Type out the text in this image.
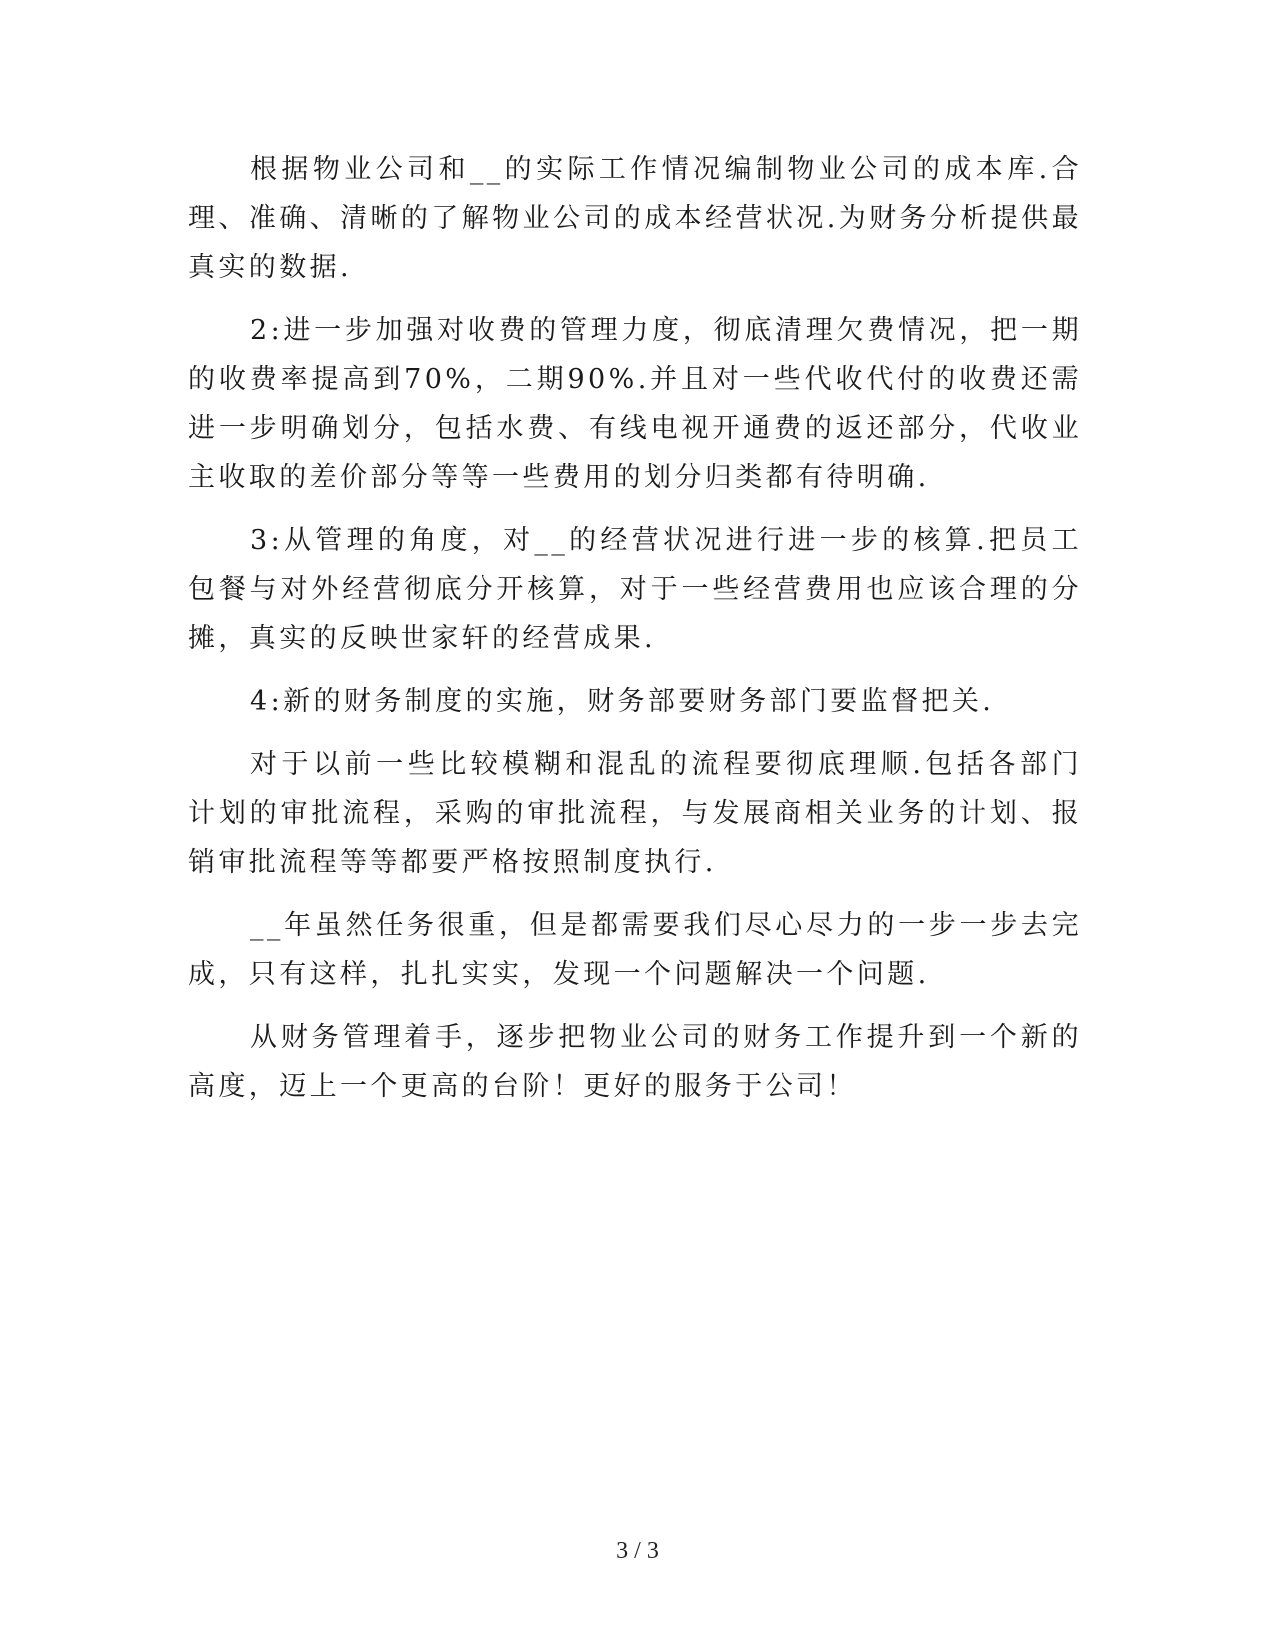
根据物业公司和__的实际工作情况编制物业公司的成本库.合理、准确、清晰的了解物业公司的成本经营状况.为财务分析提供最真实的数据.

2:进一步加强对收费的管理力度，彻底清理欠费情况，把一期的收费率提高到70%，二期90%.并且对一些代收代付的收费还需进一步明确划分，包括水费、有线电视开通费的返还部分，代收业主收取的差价部分等等一些费用的划分归类都有待明确.

3:从管理的角度，对__的经营状况进行进一步的核算.把员工包餐与对外经营彻底分开核算，对于一些经营费用也应该合理的分摊，真实的反映世家轩的经营成果.

4:新的财务制度的实施，财务部要财务部门要监督把关.

对于以前一些比较模糊和混乱的流程要彻底理顺.包括各部门计划的审批流程，采购的审批流程，与发展商相关业务的计划、报销审批流程等等都要严格按照制度执行.

__年虽然任务很重，但是都需要我们尽心尽力的一步一步去完成，只有这样，扎扎实实，发现一个问题解决一个问题.

从财务管理着手，逐步把物业公司的财务工作提升到一个新的高度，迈上一个更高的台阶！更好的服务于公司！

3 / 3
